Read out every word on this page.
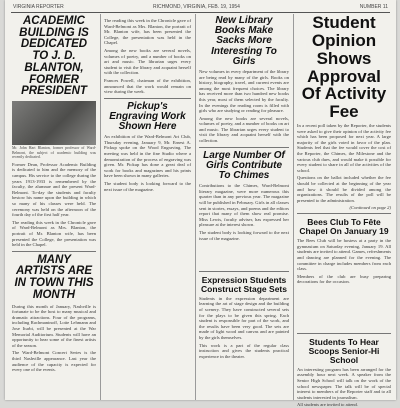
VIRGINIA REPORTER	RICHMOND, VIRGINIA, FEB. 19, 1954	NUMBER 11
ACADEMIC BUILDING IS DEDICATED TO J. D. BLANTON, FORMER PRESIDENT
Mr. John Hart Blanton, former professor of Ward-Belmont, the subject of academic building was recently dedicated.
Former Dean, Professor Academic Building is dedicated to him and the memory of the campus. His service to the college during the years 1913-1933 is remembered by the faculty, the alumnae and the present Ward-Belmont. To-day the students and faculty bestow his name upon the building in which so many of his classes were held. The ceremony was held on the afternoon of the fourth day of the first half year.
The reading this week in the Chronicle gave of Ward-Belmont as Mrs. Blanton, the portrait of Mr. Blanton wife, has been presented the College, the presentation was held in the Chapel.
MANY ARTISTS ARE IN TOWN THIS MONTH
During this month of January, Nashville is fortunate to be the host to many musical and dramatic attractions. Four of the programs, including Rachmaninoff, Lotte Lehmann and Jose Iturbi, will be presented at the War Memorial Auditorium. Students will have an opportunity to hear some of the finest artists of the season.
The Ward-Belmont Concert Series is the third Nashville appearance. Last year the audience of the capacity is expected for every one of the events.
The reading this week in the Chronicle gave of Ward-Belmont as Mrs. Blanton, the portrait of Mr. Blanton wife, has been presented the College, the presentation was held in the Chapel.
Among the new books are several novels, volumes of poetry, and a number of books on art and music. The librarian urges every student to visit the library and acquaint herself with the collection.
Frances Powell, chairman of the exhibition, announced that the work would remain on view during the week.
Pickup's Engraving Work Shown Here
An exhibition of the Ward-Belmont Art Club, Thursday evening, January 9, Mr. Ernest A. Pickup spoke on the Wood Engraving. The meeting was held in the fine Studio where a demonstration of the process of engraving was given. Mr. Pickup has done a great deal of work for books and magazines and his prints have been shown in many galleries.
The student body is looking forward to the next issue of the magazine.
New Library Books Make Sacks More Interesting To Girls
New volumes in every department of the library are being read by many of the girls. Books on history, biography, travel, and current events are among the most frequent choices. The library has received more than two hundred new books this year, most of them selected by the faculty. In the evenings the reading room is filled with girls who are studying or reading for pleasure.
Among the new books are several novels, volumes of poetry, and a number of books on art and music. The librarian urges every student to visit the library and acquaint herself with the collection.
Large Number Of Girls Contribute To Chimes
Contributions to the Chimes, Ward-Belmont literary magazine, were more numerous this quarter than in any previous year. The magazine will be published in February. Girls in all classes sent in stories, essays, and poems and the editors report that many of them show real promise. Miss Lewis, faculty adviser, has expressed her pleasure at the interest shown.
The student body is looking forward to the next issue of the magazine.
Student Opinion Shows Approval Of Activity Fee
In a recent poll taken by the Reporter, the students were asked to give their opinion of the activity fee which has been proposed for next year. A large majority of the girls voted in favor of the plan. Students feel that the fee would cover the cost of the Reporter, the Chimes, the Milestone and the various club dues, and would make it possible for every student to share in all of the activities of the school.
Questions on the ballot included whether the fee should be collected at the beginning of the year and how it should be divided among the organizations. The results of the poll will be presented to the administration.
(Continued on page 2)
Bees Club To Fête Chapel On January 19
The Bees Club will be hostess at a party in the gymnasium on Saturday evening, January 19. All students are invited to attend. Games, refreshments and dancing are planned for the evening. The committee in charge includes members from each class.
Members of the club are busy preparing decorations for the occasion.
Expression Students Construct Stage Sets
Students in the expression department are learning the art of stage design and the building of scenery. They have constructed several sets for the plays to be given this spring. Each student is responsible for part of the work, and the results have been very good. The sets are made of light wood and canvas and are painted by the girls themselves.
This work is a part of the regular class instruction and gives the students practical experience in the theater.
Students To Hear Scoops Senior-Hi School
An interesting program has been arranged for the assembly hour next week. A speaker from the Senior High School will talk on the work of the school newspaper. The talk will be of special interest to members of the Reporter staff and to all students interested in journalism.
All students are invited to attend.
